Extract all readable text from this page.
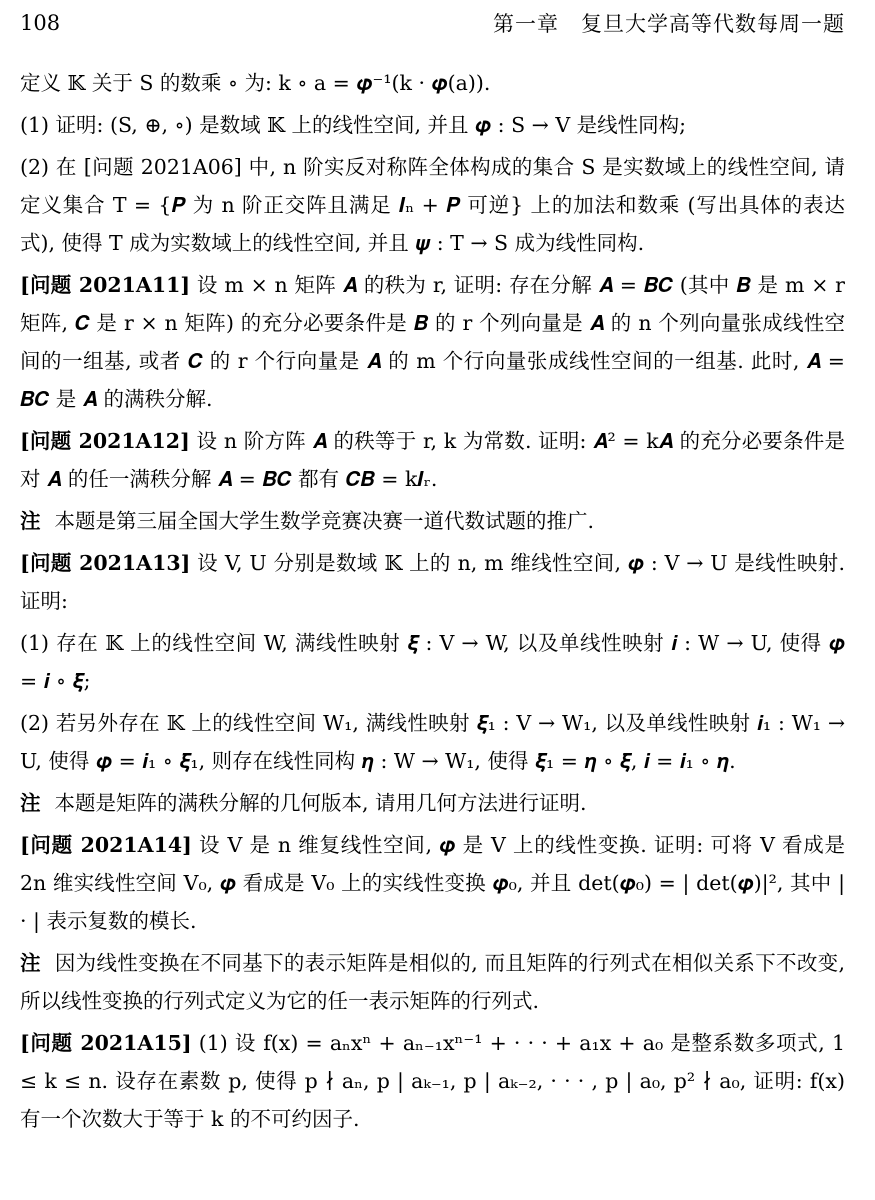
108	第一章　复旦大学高等代数每周一题

定义 𝕂 关于 S 的数乘 ∘ 为: k ∘ a = 𝝋⁻¹(k · 𝝋(a)).

(1) 证明: (S, ⊕, ∘) 是数域 𝕂 上的线性空间, 并且 𝝋 : S → V 是线性同构;

(2) 在 [问题 2021A06] 中, n 阶实反对称阵全体构成的集合 S 是实数域上的线性空间, 请定义集合 T = {𝑷 为 n 阶正交阵且满足 𝑰ₙ + 𝑷 可逆} 上的加法和数乘 (写出具体的表达式), 使得 T 成为实数域上的线性空间, 并且 𝝍 : T → S 成为线性同构.

[问题 2021A11] 设 m × n 矩阵 𝑨 的秩为 r, 证明: 存在分解 𝑨 = 𝑩𝑪 (其中 𝑩 是 m × r 矩阵, 𝑪 是 r × n 矩阵) 的充分必要条件是 𝑩 的 r 个列向量是 𝑨 的 n 个列向量张成线性空间的一组基, 或者 𝑪 的 r 个行向量是 𝑨 的 m 个行向量张成线性空间的一组基. 此时, 𝑨 = 𝑩𝑪 是 𝑨 的满秩分解.

[问题 2021A12] 设 n 阶方阵 𝑨 的秩等于 r, k 为常数. 证明: 𝑨² = k𝑨 的充分必要条件是对 𝑨 的任一满秩分解 𝑨 = 𝑩𝑪 都有 𝑪𝑩 = k𝑰ᵣ.

注 本题是第三届全国大学生数学竞赛决赛一道代数试题的推广.

[问题 2021A13] 设 V, U 分别是数域 𝕂 上的 n, m 维线性空间, 𝝋 : V → U 是线性映射. 证明:

(1) 存在 𝕂 上的线性空间 W, 满线性映射 𝝃 : V → W, 以及单线性映射 𝒊 : W → U, 使得 𝝋 = 𝒊 ∘ 𝝃;

(2) 若另外存在 𝕂 上的线性空间 W₁, 满线性映射 𝝃₁ : V → W₁, 以及单线性映射 𝒊₁ : W₁ → U, 使得 𝝋 = 𝒊₁ ∘ 𝝃₁, 则存在线性同构 𝜼 : W → W₁, 使得 𝝃₁ = 𝜼 ∘ 𝝃, 𝒊 = 𝒊₁ ∘ 𝜼.

注 本题是矩阵的满秩分解的几何版本, 请用几何方法进行证明.

[问题 2021A14] 设 V 是 n 维复线性空间, 𝝋 是 V 上的线性变换. 证明: 可将 V 看成是 2n 维实线性空间 V₀, 𝝋 看成是 V₀ 上的实线性变换 𝝋₀, 并且 det(𝝋₀) = | det(𝝋)|², 其中 | · | 表示复数的模长.

注 因为线性变换在不同基下的表示矩阵是相似的, 而且矩阵的行列式在相似关系下不改变, 所以线性变换的行列式定义为它的任一表示矩阵的行列式.

[问题 2021A15] (1) 设 f(x) = aₙxⁿ + aₙ₋₁xⁿ⁻¹ + · · · + a₁x + a₀ 是整系数多项式, 1 ≤ k ≤ n. 设存在素数 p, 使得 p ∤ aₙ, p | aₖ₋₁, p | aₖ₋₂, · · · , p | a₀, p² ∤ a₀, 证明: f(x) 有一个次数大于等于 k 的不可约因子.
